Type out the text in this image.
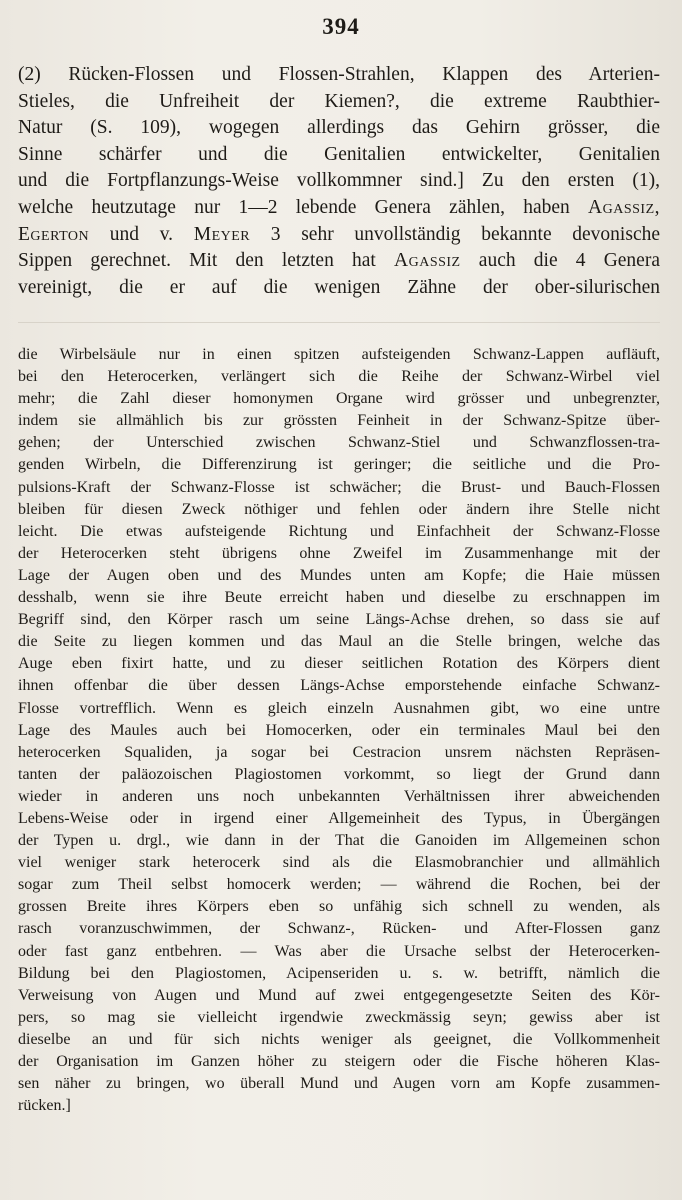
394
(2) Rücken-Flossen und Flossen-Strahlen, Klappen des Arterien-
Stieles, die Unfreiheit der Kiemen?, die extreme Raubthier-
Natur (S. 109), wogegen allerdings das Gehirn grösser, die
Sinne schärfer und die Genitalien entwickelter, Genitalien
und die Fortpflanzungs-Weise vollkommner sind.] Zu den ersten (1),
welche heutzutage nur 1—2 lebende Genera zählen, haben Agassiz,
Egerton und v. Meyer 3 sehr unvollständig bekannte devonische
Sippen gerechnet. Mit den letzten hat Agassiz auch die 4 Genera
vereinigt, die er auf die wenigen Zähne der ober-silurischen
die Wirbelsäule nur in einen spitzen aufsteigenden Schwanz-Lappen aufläuft,
bei den Heterocerken, verlängert sich die Reihe der Schwanz-Wirbel viel
mehr; die Zahl dieser homonymen Organe wird grösser und unbegrenzter,
indem sie allmählich bis zur grössten Feinheit in der Schwanz-Spitze über-
gehen; der Unterschied zwischen Schwanz-Stiel und Schwanzflossen-tra-
genden Wirbeln, die Differenzirung ist geringer; die seitliche und die Pro-
pulsions-Kraft der Schwanz-Flosse ist schwächer; die Brust- und Bauch-Flossen
bleiben für diesen Zweck nöthiger und fehlen oder ändern ihre Stelle nicht
leicht. Die etwas aufsteigende Richtung und Einfachheit der Schwanz-Flosse
der Heterocerken steht übrigens ohne Zweifel im Zusammenhange mit der
Lage der Augen oben und des Mundes unten am Kopfe; die Haie müssen
desshalb, wenn sie ihre Beute erreicht haben und dieselbe zu erschnappen im
Begriff sind, den Körper rasch um seine Längs-Achse drehen, so dass sie auf
die Seite zu liegen kommen und das Maul an die Stelle bringen, welche das
Auge eben fixirt hatte, und zu dieser seitlichen Rotation des Körpers dient
ihnen offenbar die über dessen Längs-Achse emporstehende einfache Schwanz-
Flosse vortrefflich. Wenn es gleich einzeln Ausnahmen gibt, wo eine untre
Lage des Maules auch bei Homocerken, oder ein terminales Maul bei den
heterocerken Squaliden, ja sogar bei Cestracion unsrem nächsten Repräsen-
tanten der paläozoischen Plagiostomen vorkommt, so liegt der Grund dann
wieder in anderen uns noch unbekannten Verhältnissen ihrer abweichenden
Lebens-Weise oder in irgend einer Allgemeinheit des Typus, in Übergängen
der Typen u. drgl., wie dann in der That die Ganoiden im Allgemeinen schon
viel weniger stark heterocerk sind als die Elasmobranchier und allmählich
sogar zum Theil selbst homocerk werden; — während die Rochen, bei der
grossen Breite ihres Körpers eben so unfähig sich schnell zu wenden, als
rasch voranzuschwimmen, der Schwanz-, Rücken- und After-Flossen ganz
oder fast ganz entbehren. — Was aber die Ursache selbst der Heterocerken-
Bildung bei den Plagiostomen, Acipenseriden u. s. w. betrifft, nämlich die
Verweisung von Augen und Mund auf zwei entgegengesetzte Seiten des Kör-
pers, so mag sie vielleicht irgendwie zweckmässig seyn; gewiss aber ist
dieselbe an und für sich nichts weniger als geeignet, die Vollkommenheit
der Organisation im Ganzen höher zu steigern oder die Fische höheren Klas-
sen näher zu bringen, wo überall Mund und Augen vorn am Kopfe zusammen-
rücken.]
